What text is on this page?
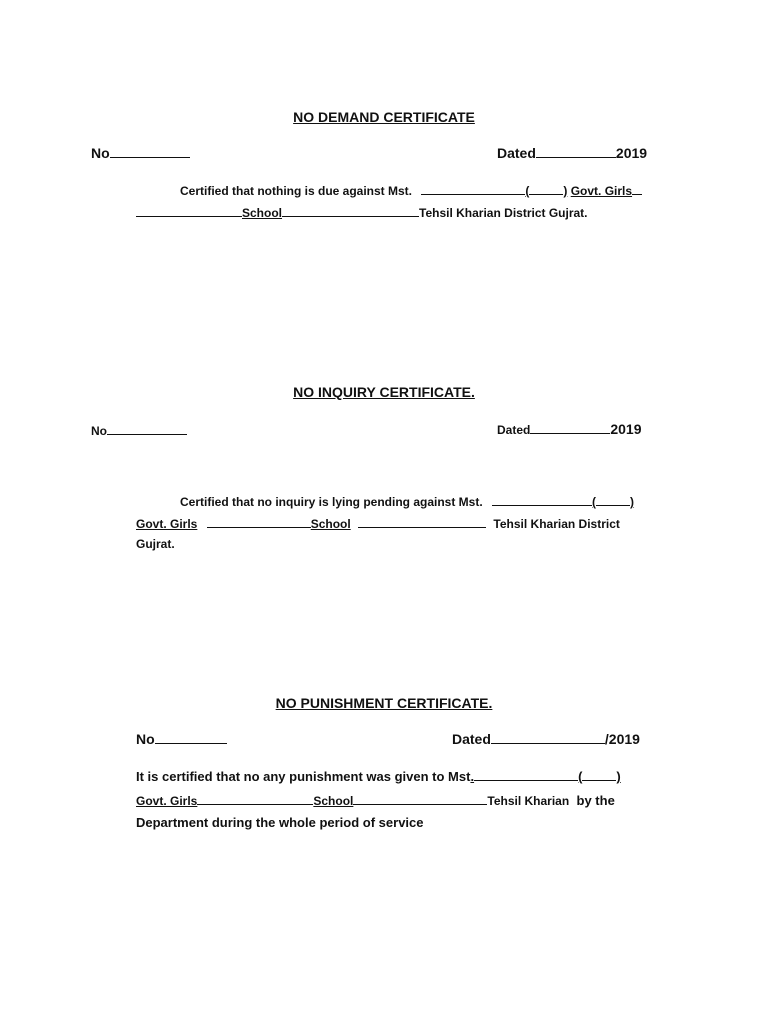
NO DEMAND CERTIFICATE
No	Dated	2019
Certified that nothing is due against Mst.	(	) Govt. Girls
School	Tehsil Kharian District Gujrat.
NO INQUIRY CERTIFICATE.
No	Dated	2019
Certified that no inquiry is lying pending against Mst.	(	)
Govt. Girls	School	Tehsil Kharian District
Gujrat.
NO PUNISHMENT CERTIFICATE.
No	Dated	/2019
It is certified that no any punishment was given to Mst.	(	)
Govt. Girls	School	Tehsil Kharian by the
Department during the whole period of service
